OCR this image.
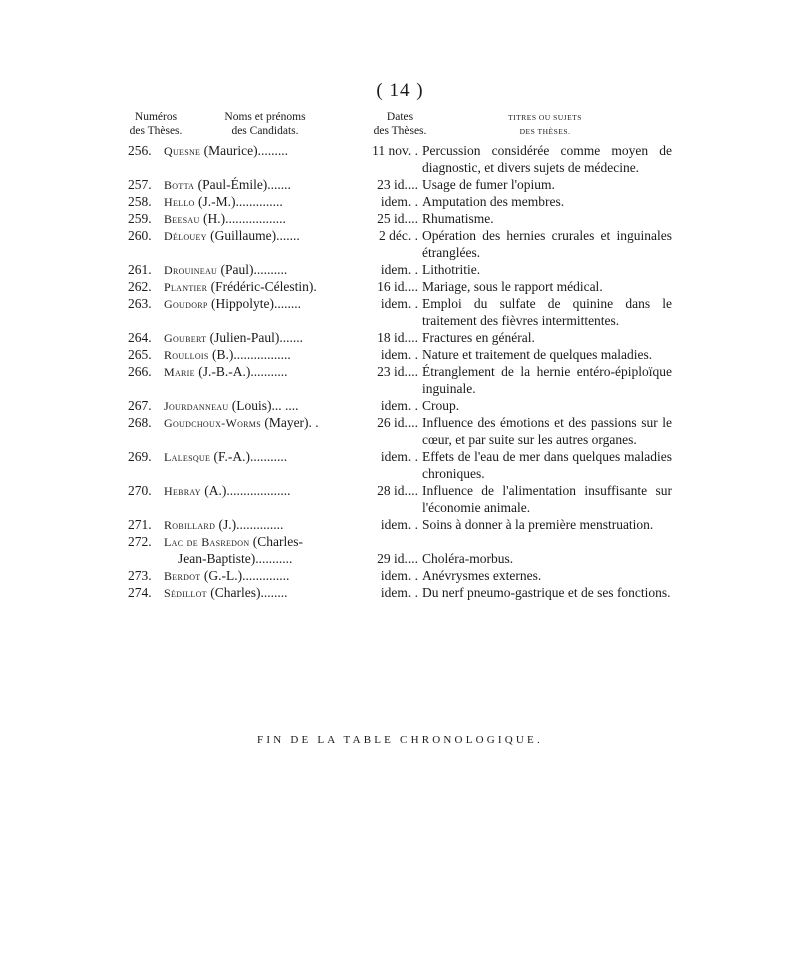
( 14 )
Numéros
des Thèses.
Noms et prénoms
des Candidats.
Dates
des Thèses.
TITRES OU SUJETS
DES THÈSES.
256.	Quesne (Maurice).........	11 nov. . Percussion considérée comme moyen de diagnostic, et divers sujets de médecine.
257.	Botta (Paul-Émile).......	23 id.... Usage de fumer l'opium.
258.	Hello (J.-M.)..............	idem. . Amputation des membres.
259.	Beesau (H.)..................	25 id.... Rhumatisme.
260.	Délouey (Guillaume).......	2 déc. . Opération des hernies crurales et inguinales étranglées.
261.	Drouineau (Paul)..........	idem. . Lithotritie.
262.	Plantier (Frédéric-Célestin).	16 id.... Mariage, sous le rapport médical.
263.	Goudorp (Hippolyte)........	idem. . Emploi du sulfate de quinine dans le traitement des fièvres intermittentes.
264.	Goubert (Julien-Paul).......	18 id.... Fractures en général.
265.	Roullois (B.).................	idem. . Nature et traitement de quelques maladies.
266.	Marie (J.-B.-A.)...........	23 id.... Étranglement de la hernie entéro-épiploïque inguinale.
267.	Jourdanneau (Louis)... ....	idem. . Croup.
268.	Goudchoux-Worms (Mayer). .	26 id.... Influence des émotions et des passions sur le cœur, et par suite sur les autres organes.
269.	Lalesque (F.-A.)...........	idem. . Effets de l'eau de mer dans quelques maladies chroniques.
270.	Hebray (A.)...................	28 id.... Influence de l'alimentation insuffisante sur l'économie animale.
271.	Robillard (J.)..............	idem. . Soins à donner à la première menstruation.
272.	Lac de Basredon (Charles-
Jean-Baptiste)...........	29 id.... Choléra-morbus.
273.	Berdot (G.-L.)..............	idem. . Anévrysmes externes.
274.	Sédillot (Charles)........	idem. . Du nerf pneumo-gastrique et de ses fonctions.
FIN DE LA TABLE CHRONOLOGIQUE.
